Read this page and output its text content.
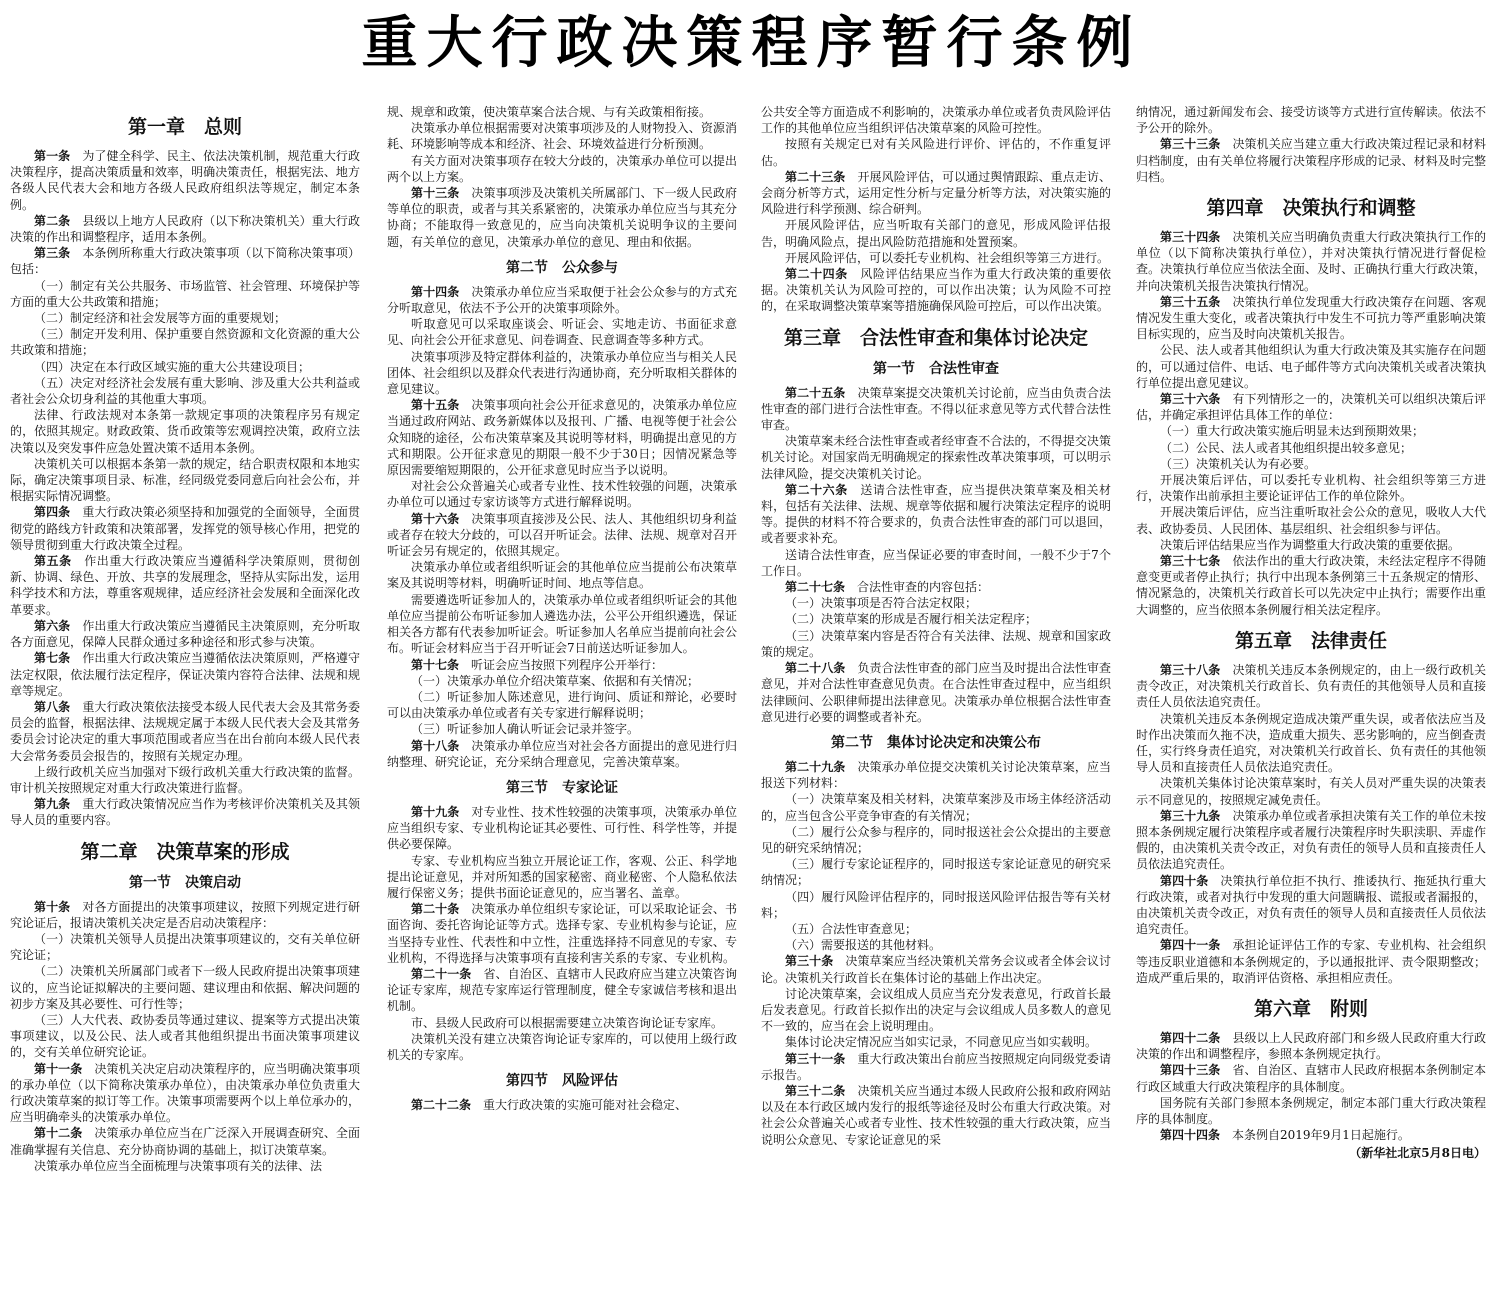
重大行政决策程序暂行条例
第一章　总则

第一条　 为了健全科学、民主、依法决策机制，规范重大行政决策程序，提高决策质量和效率，明确决策责任，根据宪法、地方各级人民代表大会和地方各级人民政府组织法等规定，制定本条例。

第二条　 县级以上地方人民政府（以下称决策机关）重大行政决策的作出和调整程序，适用本条例。

第三条　 本条例所称重大行政决策事项（以下简称决策事项）包括：

（一）制定有关公共服务、市场监管、社会管理、环境保护等方面的重大公共政策和措施；

（二）制定经济和社会发展等方面的重要规划；

（三）制定开发利用、保护重要自然资源和文化资源的重大公共政策和措施；

（四）决定在本行政区域实施的重大公共建设项目；

（五）决定对经济社会发展有重大影响、涉及重大公共利益或者社会公众切身利益的其他重大事项。

法律、行政法规对本条第一款规定事项的决策程序另有规定的，依照其规定。财政政策、货币政策等宏观调控决策，政府立法决策以及突发事件应急处置决策不适用本条例。

决策机关可以根据本条第一款的规定，结合职责权限和本地实际，确定决策事项目录、标准，经同级党委同意后向社会公布，并根据实际情况调整。

第四条　 重大行政决策必须坚持和加强党的全面领导，全面贯彻党的路线方针政策和决策部署，发挥党的领导核心作用，把党的领导贯彻到重大行政决策全过程。

第五条　 作出重大行政决策应当遵循科学决策原则，贯彻创新、协调、绿色、开放、共享的发展理念，坚持从实际出发，运用科学技术和方法，尊重客观规律，适应经济社会发展和全面深化改革要求。

第六条　 作出重大行政决策应当遵循民主决策原则，充分听取各方面意见，保障人民群众通过多种途径和形式参与决策。

第七条　 作出重大行政决策应当遵循依法决策原则，严格遵守法定权限，依法履行法定程序，保证决策内容符合法律、法规和规章等规定。

第八条　 重大行政决策依法接受本级人民代表大会及其常务委员会的监督，根据法律、法规规定属于本级人民代表大会及其常务委员会讨论决定的重大事项范围或者应当在出台前向本级人民代表大会常务委员会报告的，按照有关规定办理。

上级行政机关应当加强对下级行政机关重大行政决策的监督。审计机关按照规定对重大行政决策进行监督。

第九条　 重大行政决策情况应当作为考核评价决策机关及其领导人员的重要内容。

第二章　决策草案的形成
第一节　决策启动

第十条　 对各方面提出的决策事项建议，按照下列规定进行研究论证后，报请决策机关决定是否启动决策程序：

（一）决策机关领导人员提出决策事项建议的，交有关单位研究论证；

（二）决策机关所属部门或者下一级人民政府提出决策事项建议的，应当论证拟解决的主要问题、建议理由和依据、解决问题的初步方案及其必要性、可行性等；

（三）人大代表、政协委员等通过建议、提案等方式提出决策事项建议，以及公民、法人或者其他组织提出书面决策事项建议的，交有关单位研究论证。

第十一条　 决策机关决定启动决策程序的，应当明确决策事项的承办单位（以下简称决策承办单位），由决策承办单位负责重大行政决策草案的拟订等工作。决策事项需要两个以上单位承办的，应当明确牵头的决策承办单位。

第十二条　 决策承办单位应当在广泛深入开展调查研究、全面准确掌握有关信息、充分协商协调的基础上，拟订决策草案。

决策承办单位应当全面梳理与决策事项有关的法律、法

规、规章和政策，使决策草案合法合规、与有关政策相衔接。

决策承办单位根据需要对决策事项涉及的人财物投入、资源消耗、环境影响等成本和经济、社会、环境效益进行分析预测。

有关方面对决策事项存在较大分歧的，决策承办单位可以提出两个以上方案。

第十三条　 决策事项涉及决策机关所属部门、下一级人民政府等单位的职责，或者与其关系紧密的，决策承办单位应当与其充分协商；不能取得一致意见的，应当向决策机关说明争议的主要问题，有关单位的意见，决策承办单位的意见、理由和依据。

第二节　公众参与

第十四条　 决策承办单位应当采取便于社会公众参与的方式充分听取意见，依法不予公开的决策事项除外。

听取意见可以采取座谈会、听证会、实地走访、书面征求意见、向社会公开征求意见、问卷调查、民意调查等多种方式。

决策事项涉及特定群体利益的，决策承办单位应当与相关人民团体、社会组织以及群众代表进行沟通协商，充分听取相关群体的意见建议。

第十五条　 决策事项向社会公开征求意见的，决策承办单位应当通过政府网站、政务新媒体以及报刊、广播、电视等便于社会公众知晓的途径，公布决策草案及其说明等材料，明确提出意见的方式和期限。公开征求意见的期限一般不少于30日；因情况紧急等原因需要缩短期限的，公开征求意见时应当予以说明。

对社会公众普遍关心或者专业性、技术性较强的问题，决策承办单位可以通过专家访谈等方式进行解释说明。

第十六条　 决策事项直接涉及公民、法人、其他组织切身利益或者存在较大分歧的，可以召开听证会。法律、法规、规章对召开听证会另有规定的，依照其规定。

决策承办单位或者组织听证会的其他单位应当提前公布决策草案及其说明等材料，明确听证时间、地点等信息。

需要遴选听证参加人的，决策承办单位或者组织听证会的其他单位应当提前公布听证参加人遴选办法，公平公开组织遴选，保证相关各方都有代表参加听证会。听证参加人名单应当提前向社会公布。听证会材料应当于召开听证会7日前送达听证参加人。

第十七条　 听证会应当按照下列程序公开举行：

（一）决策承办单位介绍决策草案、依据和有关情况；

（二）听证参加人陈述意见，进行询问、质证和辩论，必要时可以由决策承办单位或者有关专家进行解释说明；

（三）听证参加人确认听证会记录并签字。

第十八条　 决策承办单位应当对社会各方面提出的意见进行归纳整理、研究论证，充分采纳合理意见，完善决策草案。

第三节　专家论证

第十九条　 对专业性、技术性较强的决策事项，决策承办单位应当组织专家、专业机构论证其必要性、可行性、科学性等，并提供必要保障。

专家、专业机构应当独立开展论证工作，客观、公正、科学地提出论证意见，并对所知悉的国家秘密、商业秘密、个人隐私依法履行保密义务；提供书面论证意见的，应当署名、盖章。

第二十条　 决策承办单位组织专家论证，可以采取论证会、书面咨询、委托咨询论证等方式。选择专家、专业机构参与论证，应当坚持专业性、代表性和中立性，注重选择持不同意见的专家、专业机构，不得选择与决策事项有直接利害关系的专家、专业机构。

第二十一条　 省、自治区、直辖市人民政府应当建立决策咨询论证专家库，规范专家库运行管理制度，健全专家诚信考核和退出机制。

市、县级人民政府可以根据需要建立决策咨询论证专家库。

决策机关没有建立决策咨询论证专家库的，可以使用上级行政机关的专家库。

第四节　风险评估

第二十二条　 重大行政决策的实施可能对社会稳定、

公共安全等方面造成不利影响的，决策承办单位或者负责风险评估工作的其他单位应当组织评估决策草案的风险可控性。

按照有关规定已对有关风险进行评价、评估的，不作重复评估。

第二十三条　 开展风险评估，可以通过舆情跟踪、重点走访、会商分析等方式，运用定性分析与定量分析等方法，对决策实施的风险进行科学预测、综合研判。

开展风险评估，应当听取有关部门的意见，形成风险评估报告，明确风险点，提出风险防范措施和处置预案。

开展风险评估，可以委托专业机构、社会组织等第三方进行。

第二十四条　 风险评估结果应当作为重大行政决策的重要依据。决策机关认为风险可控的，可以作出决策；认为风险不可控的，在采取调整决策草案等措施确保风险可控后，可以作出决策。

第三章　合法性审查和集体讨论决定
第一节　合法性审查

第二十五条　 决策草案提交决策机关讨论前，应当由负责合法性审查的部门进行合法性审查。不得以征求意见等方式代替合法性审查。

决策草案未经合法性审查或者经审查不合法的，不得提交决策机关讨论。对国家尚无明确规定的探索性改革决策事项，可以明示法律风险，提交决策机关讨论。

第二十六条　 送请合法性审查，应当提供决策草案及相关材料，包括有关法律、法规、规章等依据和履行决策法定程序的说明等。提供的材料不符合要求的，负责合法性审查的部门可以退回，或者要求补充。

送请合法性审查，应当保证必要的审查时间，一般不少于7个工作日。

第二十七条　 合法性审查的内容包括：

（一）决策事项是否符合法定权限；

（二）决策草案的形成是否履行相关法定程序；

（三）决策草案内容是否符合有关法律、法规、规章和国家政策的规定。

第二十八条　 负责合法性审查的部门应当及时提出合法性审查意见，并对合法性审查意见负责。在合法性审查过程中，应当组织法律顾问、公职律师提出法律意见。决策承办单位根据合法性审查意见进行必要的调整或者补充。

第二节　集体讨论决定和决策公布

第二十九条　 决策承办单位提交决策机关讨论决策草案，应当报送下列材料：

（一）决策草案及相关材料，决策草案涉及市场主体经济活动的，应当包含公平竞争审查的有关情况；

（二）履行公众参与程序的，同时报送社会公众提出的主要意见的研究采纳情况；

（三）履行专家论证程序的，同时报送专家论证意见的研究采纳情况；

（四）履行风险评估程序的，同时报送风险评估报告等有关材料；

（五）合法性审查意见；

（六）需要报送的其他材料。

第三十条　 决策草案应当经决策机关常务会议或者全体会议讨论。决策机关行政首长在集体讨论的基础上作出决定。

讨论决策草案，会议组成人员应当充分发表意见，行政首长最后发表意见。行政首长拟作出的决定与会议组成人员多数人的意见不一致的，应当在会上说明理由。

集体讨论决定情况应当如实记录，不同意见应当如实载明。

第三十一条　 重大行政决策出台前应当按照规定向同级党委请示报告。

第三十二条　 决策机关应当通过本级人民政府公报和政府网站以及在本行政区域内发行的报纸等途径及时公布重大行政决策。对社会公众普遍关心或者专业性、技术性较强的重大行政决策，应当说明公众意见、专家论证意见的采

纳情况，通过新闻发布会、接受访谈等方式进行宣传解读。依法不予公开的除外。

第三十三条　 决策机关应当建立重大行政决策过程记录和材料归档制度，由有关单位将履行决策程序形成的记录、材料及时完整归档。

第四章　决策执行和调整

第三十四条　 决策机关应当明确负责重大行政决策执行工作的单位（以下简称决策执行单位），并对决策执行情况进行督促检查。决策执行单位应当依法全面、及时、正确执行重大行政决策，并向决策机关报告决策执行情况。

第三十五条　 决策执行单位发现重大行政决策存在问题、客观情况发生重大变化，或者决策执行中发生不可抗力等严重影响决策目标实现的，应当及时向决策机关报告。

公民、法人或者其他组织认为重大行政决策及其实施存在问题的，可以通过信件、电话、电子邮件等方式向决策机关或者决策执行单位提出意见建议。

第三十六条　 有下列情形之一的，决策机关可以组织决策后评估，并确定承担评估具体工作的单位：

（一）重大行政决策实施后明显未达到预期效果；

（二）公民、法人或者其他组织提出较多意见；

（三）决策机关认为有必要。

开展决策后评估，可以委托专业机构、社会组织等第三方进行，决策作出前承担主要论证评估工作的单位除外。

开展决策后评估，应当注重听取社会公众的意见，吸收人大代表、政协委员、人民团体、基层组织、社会组织参与评估。

决策后评估结果应当作为调整重大行政决策的重要依据。

第三十七条　 依法作出的重大行政决策，未经法定程序不得随意变更或者停止执行；执行中出现本条例第三十五条规定的情形、情况紧急的，决策机关行政首长可以先决定中止执行；需要作出重大调整的，应当依照本条例履行相关法定程序。

第五章　法律责任

第三十八条　 决策机关违反本条例规定的，由上一级行政机关责令改正，对决策机关行政首长、负有责任的其他领导人员和直接责任人员依法追究责任。

决策机关违反本条例规定造成决策严重失误，或者依法应当及时作出决策而久拖不决，造成重大损失、恶劣影响的，应当倒查责任，实行终身责任追究，对决策机关行政首长、负有责任的其他领导人员和直接责任人员依法追究责任。

决策机关集体讨论决策草案时，有关人员对严重失误的决策表示不同意见的，按照规定减免责任。

第三十九条　 决策承办单位或者承担决策有关工作的单位未按照本条例规定履行决策程序或者履行决策程序时失职渎职、弄虚作假的，由决策机关责令改正，对负有责任的领导人员和直接责任人员依法追究责任。

第四十条　 决策执行单位拒不执行、推诿执行、拖延执行重大行政决策，或者对执行中发现的重大问题瞒报、谎报或者漏报的，由决策机关责令改正，对负有责任的领导人员和直接责任人员依法追究责任。

第四十一条　 承担论证评估工作的专家、专业机构、社会组织等违反职业道德和本条例规定的，予以通报批评、责令限期整改；造成严重后果的，取消评估资格、承担相应责任。

第六章　附则

第四十二条　 县级以上人民政府部门和乡级人民政府重大行政决策的作出和调整程序，参照本条例规定执行。

第四十三条　 省、自治区、直辖市人民政府根据本条例制定本行政区域重大行政决策程序的具体制度。

国务院有关部门参照本条例规定，制定本部门重大行政决策程序的具体制度。

第四十四条　 本条例自2019年9月1日起施行。

（新华社北京5月8日电）
